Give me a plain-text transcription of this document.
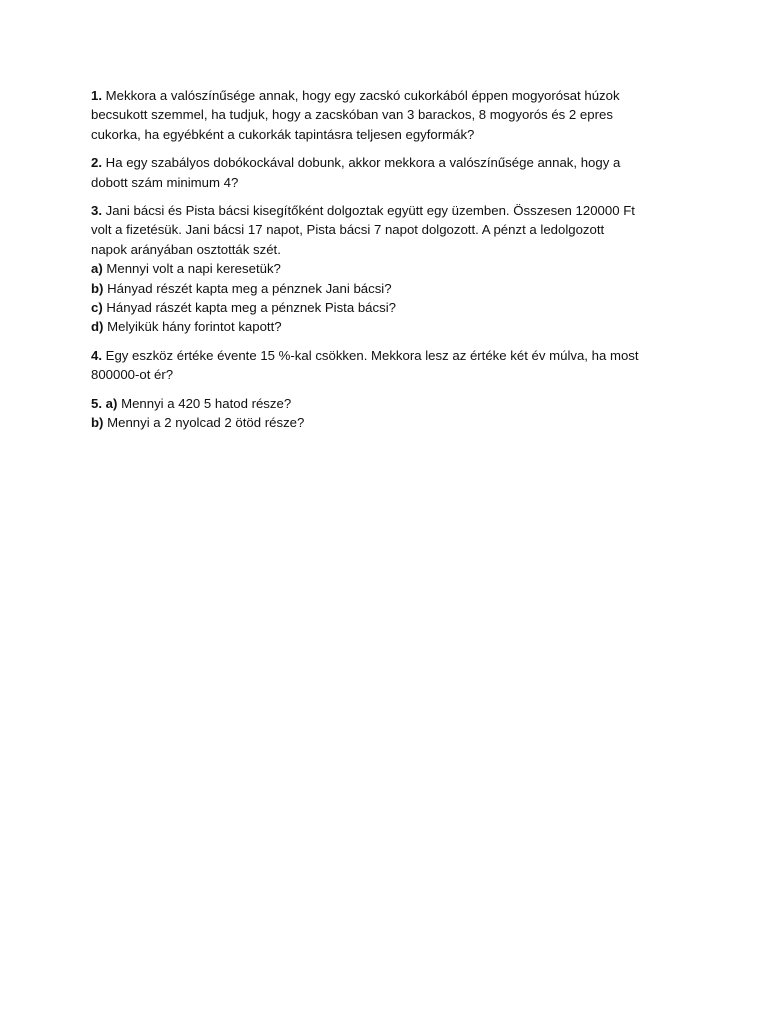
1. Mekkora a valószínűsége annak, hogy egy zacskó cukorkából éppen mogyorósat húzok
becsukott szemmel, ha tudjuk, hogy a zacskóban van 3 barackos, 8 mogyorós és 2 epres
cukorka, ha egyébként a cukorkák tapintásra teljesen egyformák?
2. Ha egy szabályos dobókockával dobunk, akkor mekkora a valószínűsége annak, hogy a
dobott szám minimum 4?
3. Jani bácsi és Pista bácsi kisegítőként dolgoztak együtt egy üzemben. Összesen 120000 Ft
volt a fizetésük. Jani bácsi 17 napot, Pista bácsi 7 napot dolgozott. A pénzt a ledolgozott
napok arányában osztották szét.
a) Mennyi volt a napi keresetük?
b) Hányad részét kapta meg a pénznek Jani bácsi?
c) Hányad rászét kapta meg a pénznek Pista bácsi?
d) Melyikük hány forintot kapott?
4. Egy eszköz értéke évente 15 %-kal csökken. Mekkora lesz az értéke két év múlva, ha most
800000-ot ér?
5. a) Mennyi a 420 5 hatod része?
b) Mennyi a 2 nyolcad 2 ötöd része?
